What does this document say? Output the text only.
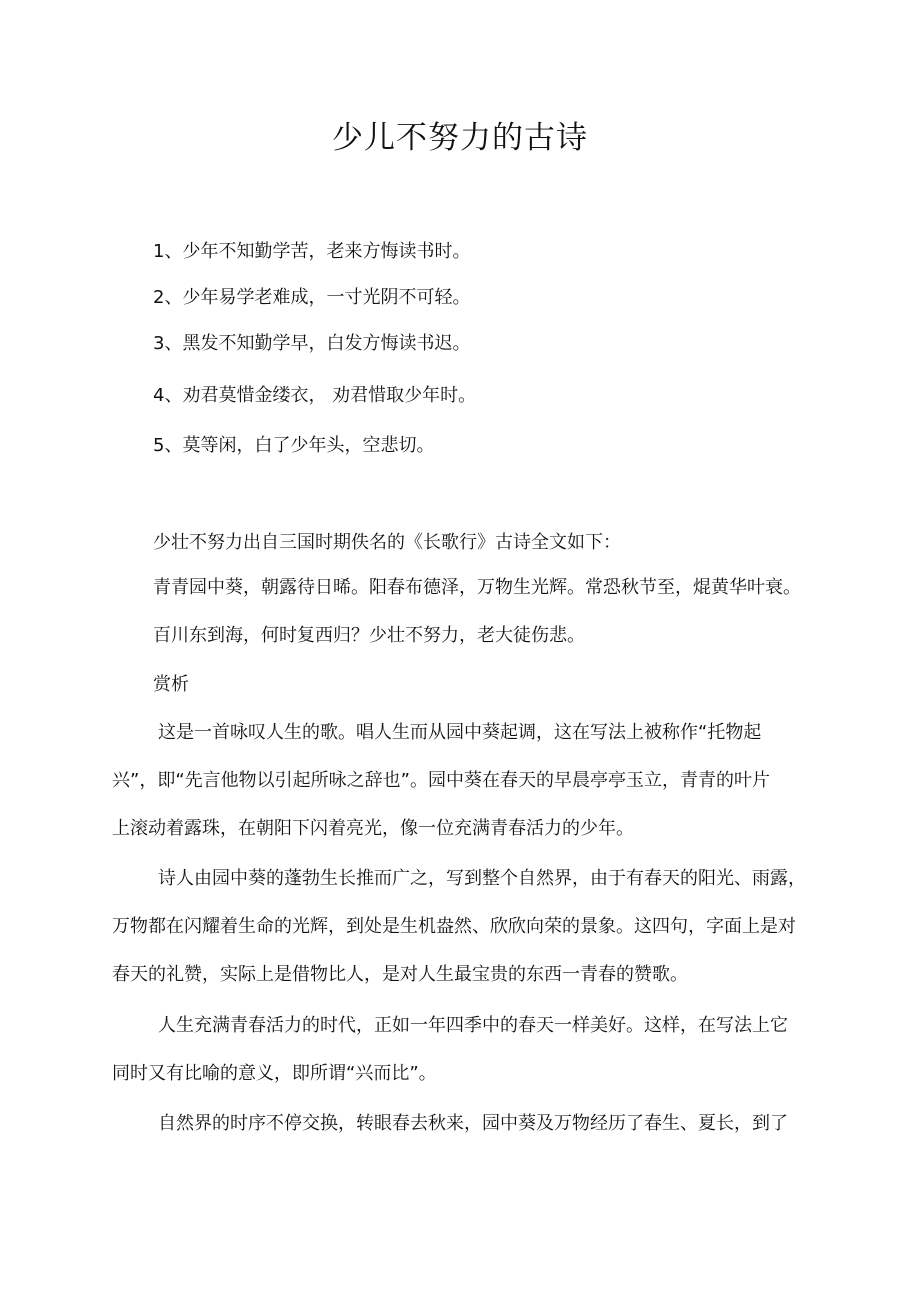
少儿不努力的古诗
1、少年不知勤学苦，老来方悔读书时。
2、少年易学老难成，一寸光阴不可轻。
3、黑发不知勤学早，白发方悔读书迟。
4、劝君莫惜金缕衣， 劝君惜取少年时。
5、莫等闲，白了少年头，空悲切。
少壮不努力出自三国时期佚名的《长歌行》古诗全文如下：
青青园中葵，朝露待日晞。阳春布德泽，万物生光辉。常恐秋节至，焜黄华叶衰。
百川东到海，何时复西归？少壮不努力，老大徒伤悲。
赏析
这是一首咏叹人生的歌。唱人生而从园中葵起调，这在写法上被称作“托物起
兴”，即“先言他物以引起所咏之辞也”。园中葵在春天的早晨亭亭玉立，青青的叶片
上滚动着露珠，在朝阳下闪着亮光，像一位充满青春活力的少年。
诗人由园中葵的蓬勃生长推而广之，写到整个自然界，由于有春天的阳光、雨露，
万物都在闪耀着生命的光辉，到处是生机盎然、欣欣向荣的景象。这四句，字面上是对
春天的礼赞，实际上是借物比人，是对人生最宝贵的东西一青春的赞歌。
人生充满青春活力的时代，正如一年四季中的春天一样美好。这样，在写法上它
同时又有比喻的意义，即所谓“兴而比”。
自然界的时序不停交换，转眼春去秋来，园中葵及万物经历了春生、夏长，到了
